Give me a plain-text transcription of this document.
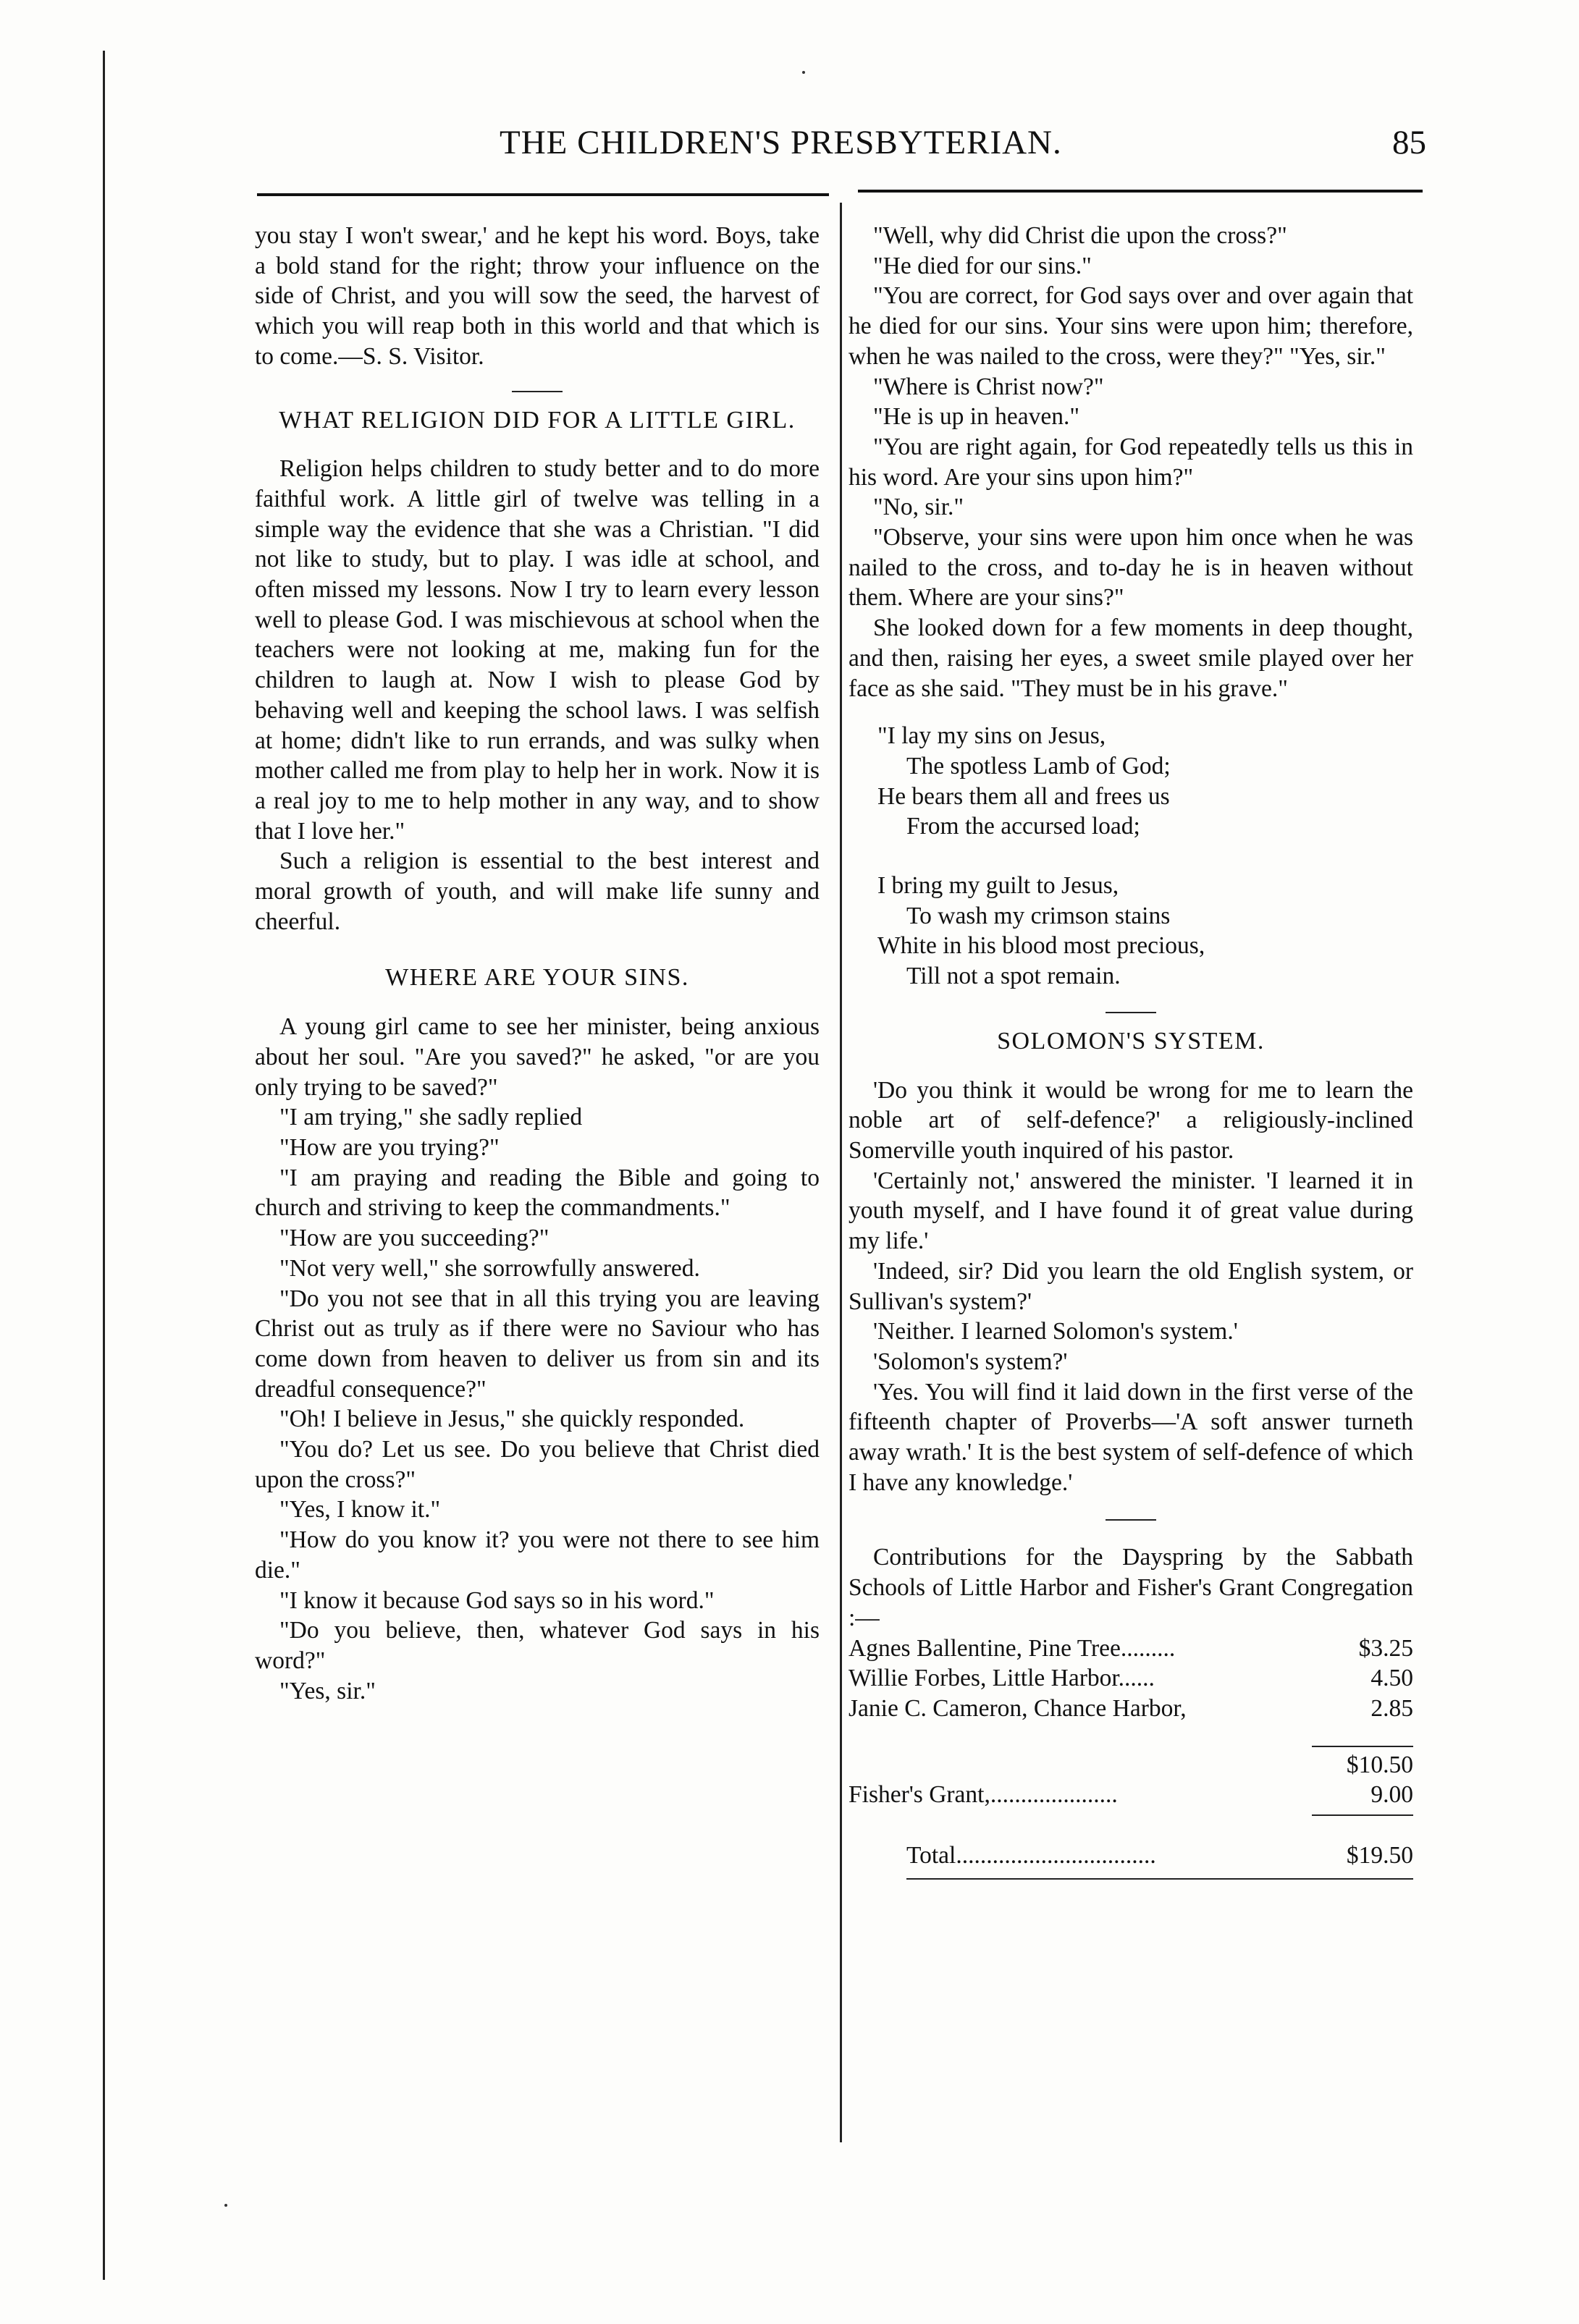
THE CHILDREN'S PRESBYTERIAN.	85

you stay I won't swear,' and he kept his word. Boys, take a bold stand for the right; throw your influence on the side of Christ, and you will sow the seed, the harvest of which you will reap both in this world and that which is to come.—S. S. Visitor.

WHAT RELIGION DID FOR A LITTLE GIRL.

Religion helps children to study better and to do more faithful work. A little girl of twelve was telling in a simple way the evidence that she was a Christian. "I did not like to study, but to play. I was idle at school, and often missed my lessons. Now I try to learn every lesson well to please God. I was mischievous at school when the teachers were not looking at me, making fun for the children to laugh at. Now I wish to please God by behaving well and keeping the school laws. I was selfish at home; didn't like to run errands, and was sulky when mother called me from play to help her in work. Now it is a real joy to me to help mother in any way, and to show that I love her."

Such a religion is essential to the best interest and moral growth of youth, and will make life sunny and cheerful.

WHERE ARE YOUR SINS.

A young girl came to see her minister, being anxious about her soul. "Are you saved?" he asked, "or are you only trying to be saved?"

"I am trying," she sadly replied

"How are you trying?"

"I am praying and reading the Bible and going to church and striving to keep the commandments."

"How are you succeeding?"

"Not very well," she sorrowfully answered.

"Do you not see that in all this trying you are leaving Christ out as truly as if there were no Saviour who has come down from heaven to deliver us from sin and its dreadful consequence?"

"Oh! I believe in Jesus," she quickly responded.

"You do? Let us see. Do you believe that Christ died upon the cross?"

"Yes, I know it."

"How do you know it? you were not there to see him die."

"I know it because God says so in his word."

"Do you believe, then, whatever God says in his word?"

"Yes, sir."

"Well, why did Christ die upon the cross?"

"He died for our sins."

"You are correct, for God says over and over again that he died for our sins. Your sins were upon him; therefore, when he was nailed to the cross, were they?" "Yes, sir."

"Where is Christ now?"

"He is up in heaven."

"You are right again, for God repeatedly tells us this in his word. Are your sins upon him?"

"No, sir."

"Observe, your sins were upon him once when he was nailed to the cross, and to-day he is in heaven without them. Where are your sins?"

She looked down for a few moments in deep thought, and then, raising her eyes, a sweet smile played over her face as she said. "They must be in his grave."

"I lay my sins on Jesus,
The spotless Lamb of God;
He bears them all and frees us
From the accursed load;
I bring my guilt to Jesus,
To wash my crimson stains
White in his blood most precious,
Till not a spot remain.
SOLOMON'S SYSTEM.

'Do you think it would be wrong for me to learn the noble art of self-defence?' a religiously-inclined Somerville youth inquired of his pastor.

'Certainly not,' answered the minister. 'I learned it in youth myself, and I have found it of great value during my life.'

'Indeed, sir? Did you learn the old English system, or Sullivan's system?'

'Neither. I learned Solomon's system.'

'Solomon's system?'

'Yes. You will find it laid down in the first verse of the fifteenth chapter of Proverbs—'A soft answer turneth away wrath.' It is the best system of self-defence of which I have any knowledge.'

Contributions for the Dayspring by the Sabbath Schools of Little Harbor and Fisher's Grant Congregation :—

Agnes Ballentine, Pine Tree.........	$3.25
Willie Forbes, Little Harbor......	4.50
Janie C. Cameron, Chance Harbor,	2.85
$10.50
Fisher's Grant,.....................	9.00
Total.................................	$19.50
